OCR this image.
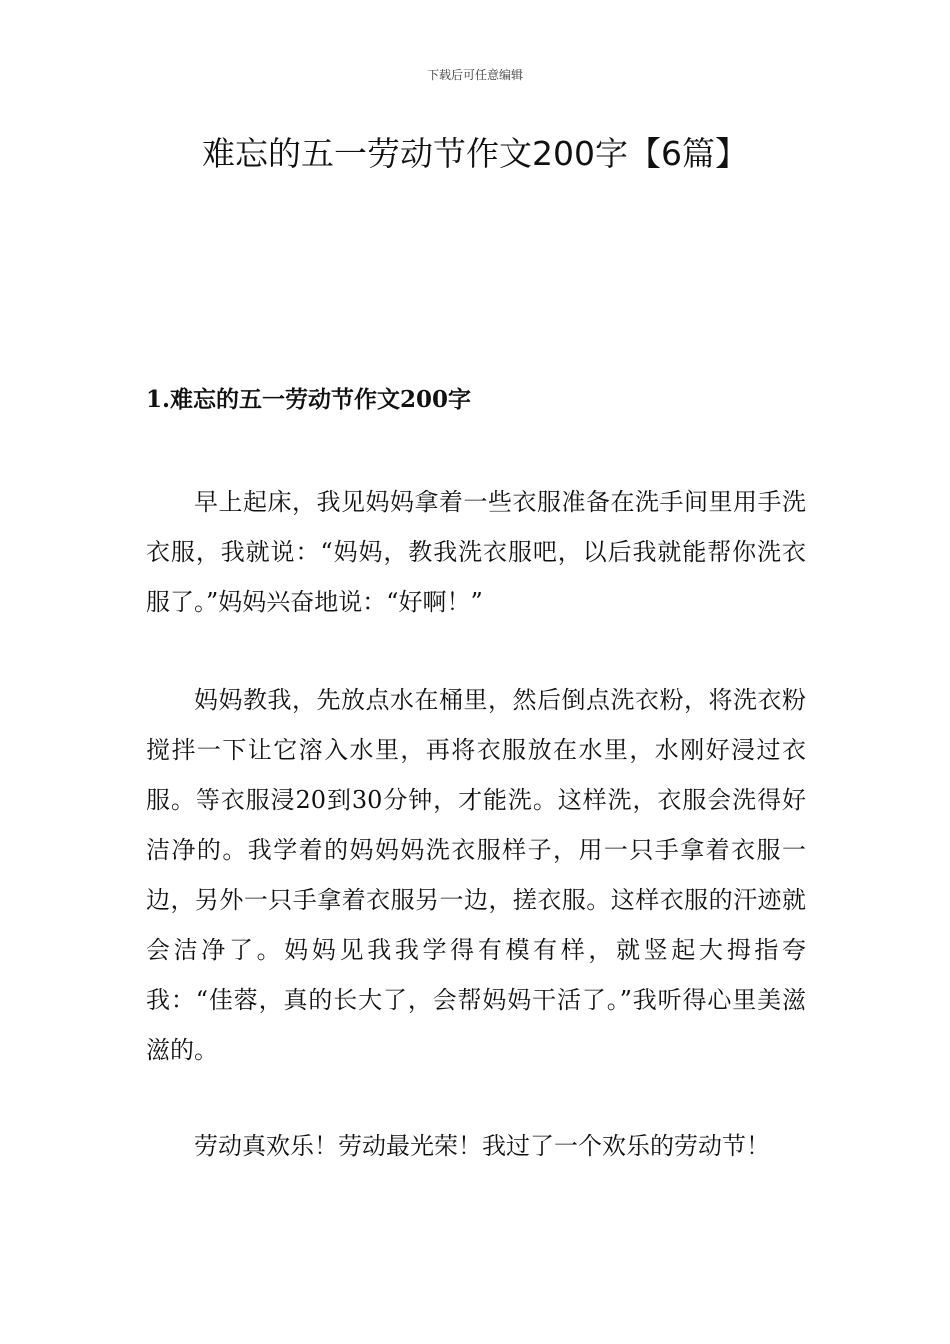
下载后可任意编辑
难忘的五一劳动节作文200字【6篇】
1.难忘的五一劳动节作文200字

早上起床，我见妈妈拿着一些衣服准备在洗手间里用手洗衣服，我就说：“妈妈，教我洗衣服吧，以后我就能帮你洗衣服了。”妈妈兴奋地说：“好啊！”

妈妈教我，先放点水在桶里，然后倒点洗衣粉，将洗衣粉搅拌一下让它溶入水里，再将衣服放在水里，水刚好浸过衣服。等衣服浸20到30分钟，才能洗。这样洗，衣服会洗得好洁净的。我学着的妈妈妈洗衣服样子，用一只手拿着衣服一边，另外一只手拿着衣服另一边，搓衣服。这样衣服的汗迹就会洁净了。妈妈见我我学得有模有样，就竖起大拇指夸我：“佳蓉，真的长大了，会帮妈妈干活了。”我听得心里美滋滋的。

劳动真欢乐！劳动最光荣！我过了一个欢乐的劳动节！
